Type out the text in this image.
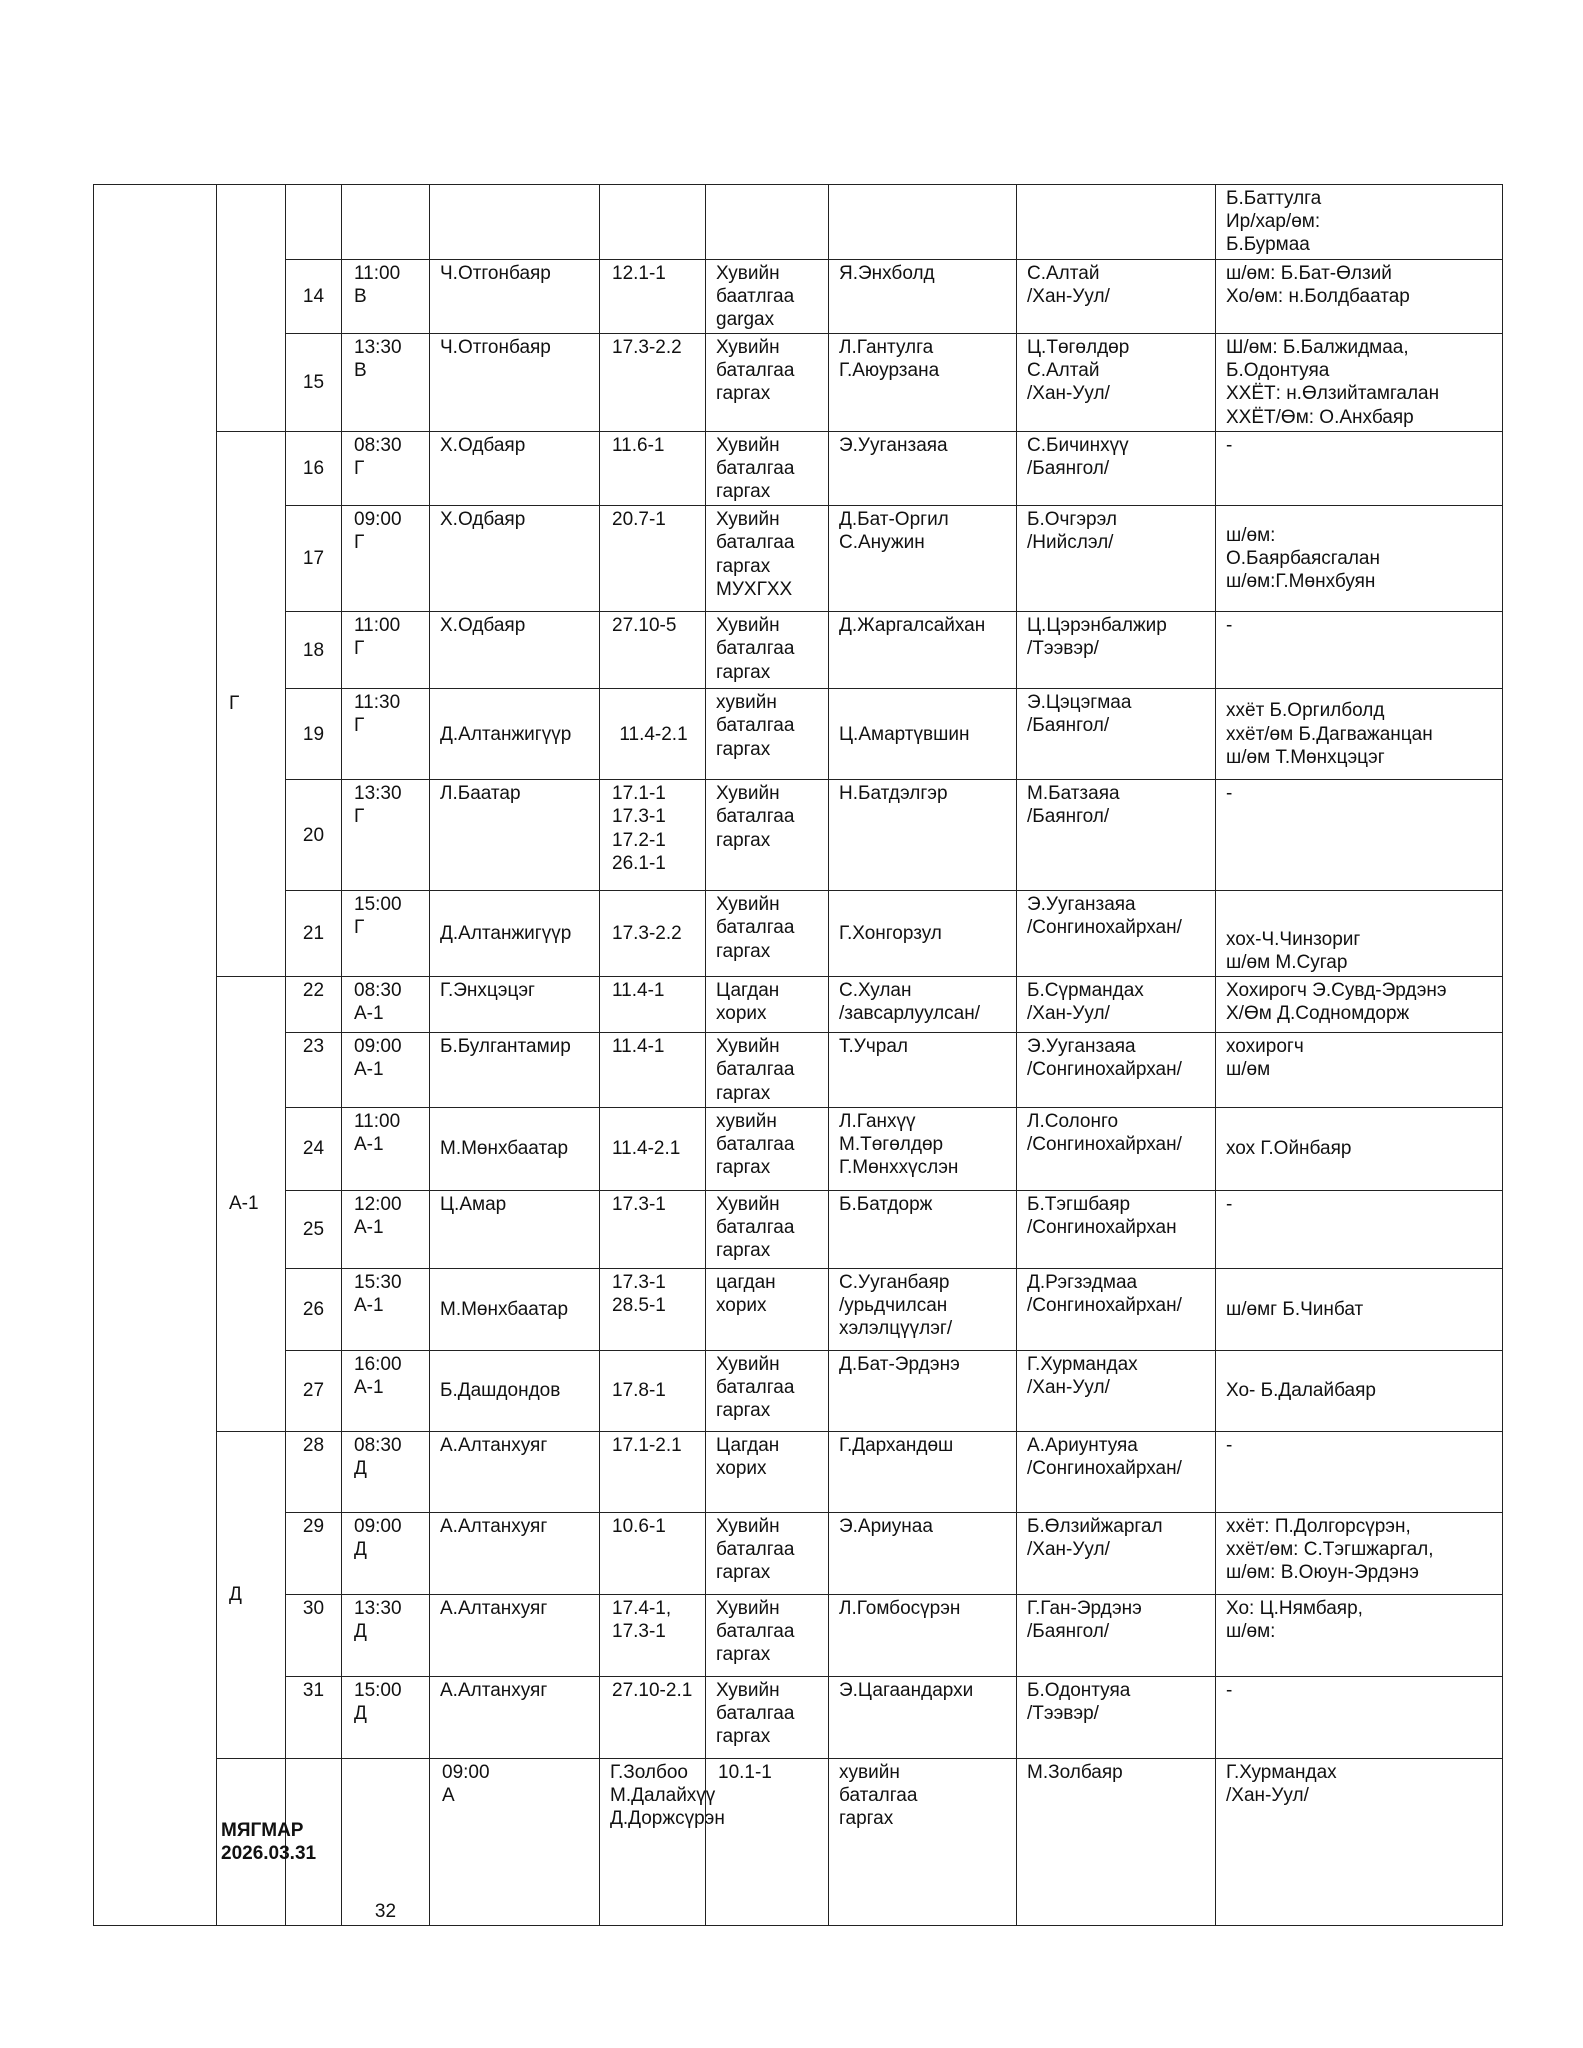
									Б.Баттулга
Ир/хар/өм:
Б.Бурмаа	
		14	11:00
В	Ч.Отгонбаяр	12.1-1	Хувийн
баатлгаа
gargax	Я.Энхболд	С.Алтай
/Хан-Уул/	ш/өм: Б.Бат-Өлзий
Хо/өм: н.Болдбаатар	
		15	13:30
В	Ч.Отгонбаяр	17.3-2.2	Хувийн
баталгаа
гаргах	Л.Гантулга
Г.Аюурзана	Ц.Төгөлдөр
С.Алтай
/Хан-Уул/	Ш/өм: Б.Балжидмаа,
Б.Одонтуяа
ХХЁТ: н.Өлзийтамгалан
ХХЁТ/Өм: О.Анхбаяр	
	Г	16	08:30
Г	Х.Одбаяр	11.6-1	Хувийн
баталгаа
гаргах	Э.Уугaнзаяа	С.Бичинхүү
/Баянгол/	-	
		17	09:00
Г	Х.Одбаяр	20.7-1	Хувийн
баталгаа
гаргах
МУХГХХ	Д.Бат-Оргил
С.Анужин	Б.Очгэрэл
/Нийслэл/	ш/өм:
О.Баярбаясгалан
ш/өм:Г.Мөнхбуян	
		18	11:00
Г	Х.Одбаяр	27.10-5	Хувийн
баталгаа
гаргах	Д.Жаргалсайхан	Ц.Цэрэнбалжир
/Тээвэр/	-	
		19	11:30
Г	Д.Алтанжигүүр	11.4-2.1	хувийн
баталгаа
гаргах	Ц.Амартүвшин	Э.Цэцэгмаа
/Баянгол/	ххёт Б.Оргилболд
ххёт/өм Б.Дагважанцан
ш/өм Т.Мөнхцэцэг	
		20	13:30
Г	Л.Баатар	17.1-1
17.3-1
17.2-1
26.1-1	Хувийн
баталгаа
гаргах	Н.Батдэлгэр	М.Батзаяа
/Баянгол/	-	
		21	15:00
Г	Д.Алтанжигүүр	17.3-2.2	Хувийн
баталгаа
гаргах	Г.Хонгорзул	Э.Уугaнзаяа
/Сонгинохайрхан/	хох-Ч.Чинзориг
ш/өм М.Сугар	
	А-1	22	08:30
А-1	Г.Энхцэцэг	11.4-1	Цагдан
хорих	С.Хулан
/завсарлуулсан/	Б.Сүрмандах
/Хан-Уул/	Хохирогч Э.Сувд-Эрдэнэ
Х/Өм Д.Содномдорж	
		23	09:00
А-1	Б.Булгантамир	11.4-1	Хувийн
баталгаа
гаргах	Т.Учрал	Э.Уугaнзаяа
/Сонгинохайрхан/	хохирогч
ш/өм	
		24	11:00
А-1	М.Мөнхбаатар	11.4-2.1	хувийн
баталгаа
гаргах	Л.Ганхүү
М.Төгөлдөр
Г.Мөнххүслэн	Л.Солонго
/Сонгинохайрхан/	хох Г.Ойнбаяр	
		25	12:00
А-1	Ц.Амар	17.3-1	Хувийн
баталгаа
гаргах	Б.Батдорж	Б.Тэгшбаяр
/Сонгинохайрхан	-	
		26	15:30
А-1	М.Мөнхбаатар	17.3-1
28.5-1	цагдан
хорих	С.Уугaнбаяр
/урьдчилсан
хэлэлцүүлэг/	Д.Рэгзэдмаа
/Сонгинохайрхан/	ш/өмг Б.Чинбат	
		27	16:00
А-1	Б.Дашдондов	17.8-1	Хувийн
баталгаа
гаргах	Д.Бат-Эрдэнэ	Г.Хурмандах
/Хан-Уул/	Хо- Б.Далайбаяр	
	Д	28	08:30
Д	А.Алтанхуяг	17.1-2.1	Цагдан
хорих	Г.Дархандөш	А.Ариунтуяа
/Сонгинохайрхан/	-	
		29	09:00
Д	А.Алтанхуяг	10.6-1	Хувийн
баталгаа
гаргах	Э.Ариунаа	Б.Өлзийжаргал
/Хан-Уул/	ххёт: П.Долгорсүрэн,
ххёт/өм: С.Тэгшжаргал,
ш/өм: В.Оюун-Эрдэнэ	
		30	13:30
Д	А.Алтанхуяг	17.4-1,
17.3-1	Хувийн
баталгаа
гаргах	Л.Гомбосүрэн	Г.Ган-Эрдэнэ
/Баянгол/	Хо: Ц.Нямбаяр,
ш/өм:	
		31	15:00
Д	А.Алтанхуяг	27.10-2.1	Хувийн
баталгаа
гаргах	Э.Цагаандархи	Б.Одонтуяа
/Тээвэр/	-	
	МЯГМАР
2026.03.31		32	09:00
А	Г.Золбоо
М.Далайхүү
Д.Доржсүрэн	10.1-1	хувийн
баталгаа
гаргах	М.Золбаяр	Г.Хурмандах
/Хан-Уул/	
